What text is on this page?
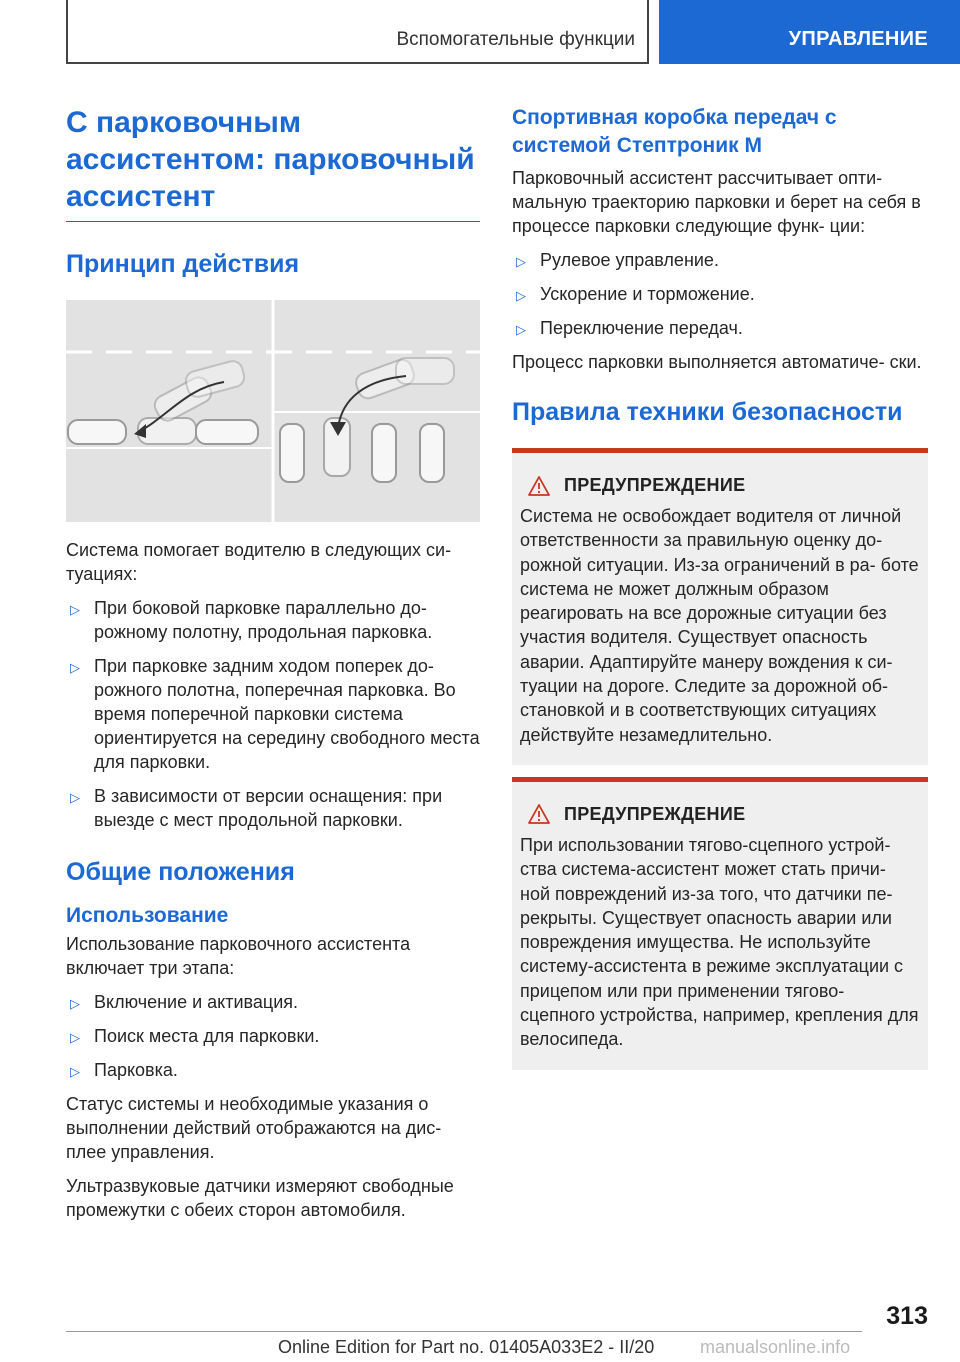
Вспомогательные функции	УПРАВЛЕНИЕ
С парковочным ассистентом: парковочный ассистент
Принцип действия

Система помогает водителю в следующих си- туациях:

▷ При боковой парковке параллельно до- рожному полотну, продольная парковка.
▷ При парковке задним ходом поперек до- рожного полотна, поперечная парковка. Во время поперечной парковки система ориентируется на середину свободного места для парковки.
▷ В зависимости от версии оснащения: при выезде с мест продольной парковки.
Общие положения
Использование

Использование парковочного ассистента включает три этапа:

▷ Включение и активация.
▷ Поиск места для парковки.
▷ Парковка.

Статус системы и необходимые указания о выполнении действий отображаются на дис- плее управления.

Ультразвуковые датчики измеряют свободные промежутки с обеих сторон автомобиля.

Спортивная коробка передач с системой Стептроник M

Парковочный ассистент рассчитывает опти- мальную траекторию парковки и берет на себя в процессе парковки следующие функ- ции:

▷ Рулевое управление.
▷ Ускорение и торможение.
▷ Переключение передач.

Процесс парковки выполняется автоматиче- ски.

Правила техники безопасности
ПРЕДУПРЕЖДЕНИЕ
Система не освобождает водителя от личной ответственности за правильную оценку до- рожной ситуации. Из-за ограничений в ра- боте система не может должным образом реагировать на все дорожные ситуации без участия водителя. Существует опасность аварии. Адаптируйте манеру вождения к си- туации на дороге. Следите за дорожной об- становкой и в соответствующих ситуациях действуйте незамедлительно.
ПРЕДУПРЕЖДЕНИЕ
При использовании тягово-сцепного устрой- ства система-ассистент может стать причи- ной повреждений из-за того, что датчики пе- рекрыты. Существует опасность аварии или повреждения имущества. Не используйте систему-ассистента в режиме эксплуатации с прицепом или при применении тягово- сцепного устройства, например, крепления для велосипеда.
313
Online Edition for Part no. 01405A033E2 - II/20	manualsonline.info
